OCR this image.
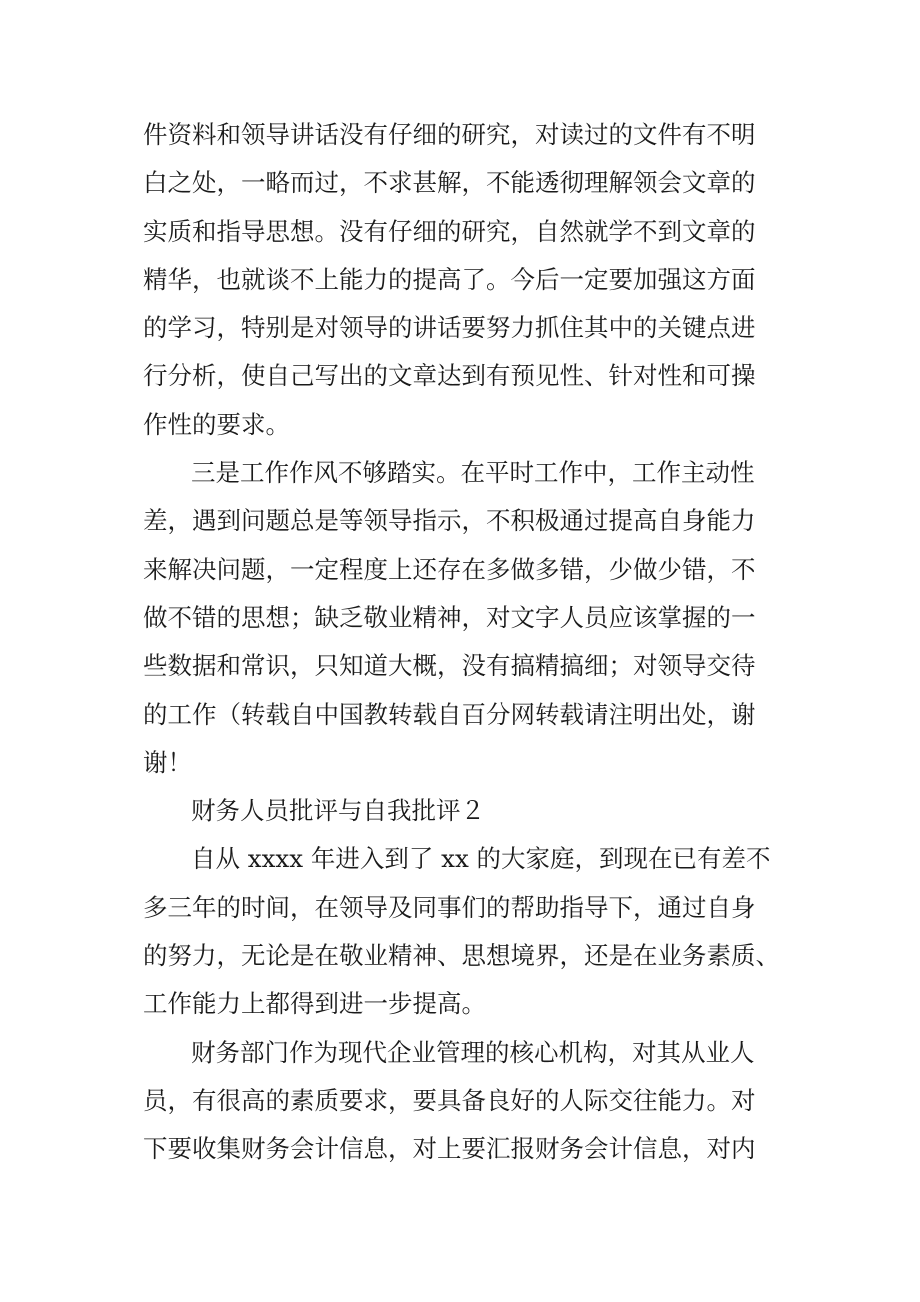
件资料和领导讲话没有仔细的研究，对读过的文件有不明
白之处，一略而过，不求甚解，不能透彻理解领会文章的
实质和指导思想。没有仔细的研究，自然就学不到文章的
精华，也就谈不上能力的提高了。今后一定要加强这方面
的学习，特别是对领导的讲话要努力抓住其中的关键点进
行分析，使自己写出的文章达到有预见性、针对性和可操
作性的要求。
三是工作作风不够踏实。在平时工作中，工作主动性
差，遇到问题总是等领导指示，不积极通过提高自身能力
来解决问题，一定程度上还存在多做多错，少做少错，不
做不错的思想；缺乏敬业精神，对文字人员应该掌握的一
些数据和常识，只知道大概，没有搞精搞细；对领导交待
的工作（转载自中国教转载自百分网转载请注明出处，谢
谢！
财务人员批评与自我批评２
自从 xxxx 年进入到了 xx 的大家庭，到现在已有差不
多三年的时间，在领导及同事们的帮助指导下，通过自身
的努力，无论是在敬业精神、思想境界，还是在业务素质、
工作能力上都得到进一步提高。
财务部门作为现代企业管理的核心机构，对其从业人
员，有很高的素质要求，要具备良好的人际交往能力。对
下要收集财务会计信息，对上要汇报财务会计信息，对内
